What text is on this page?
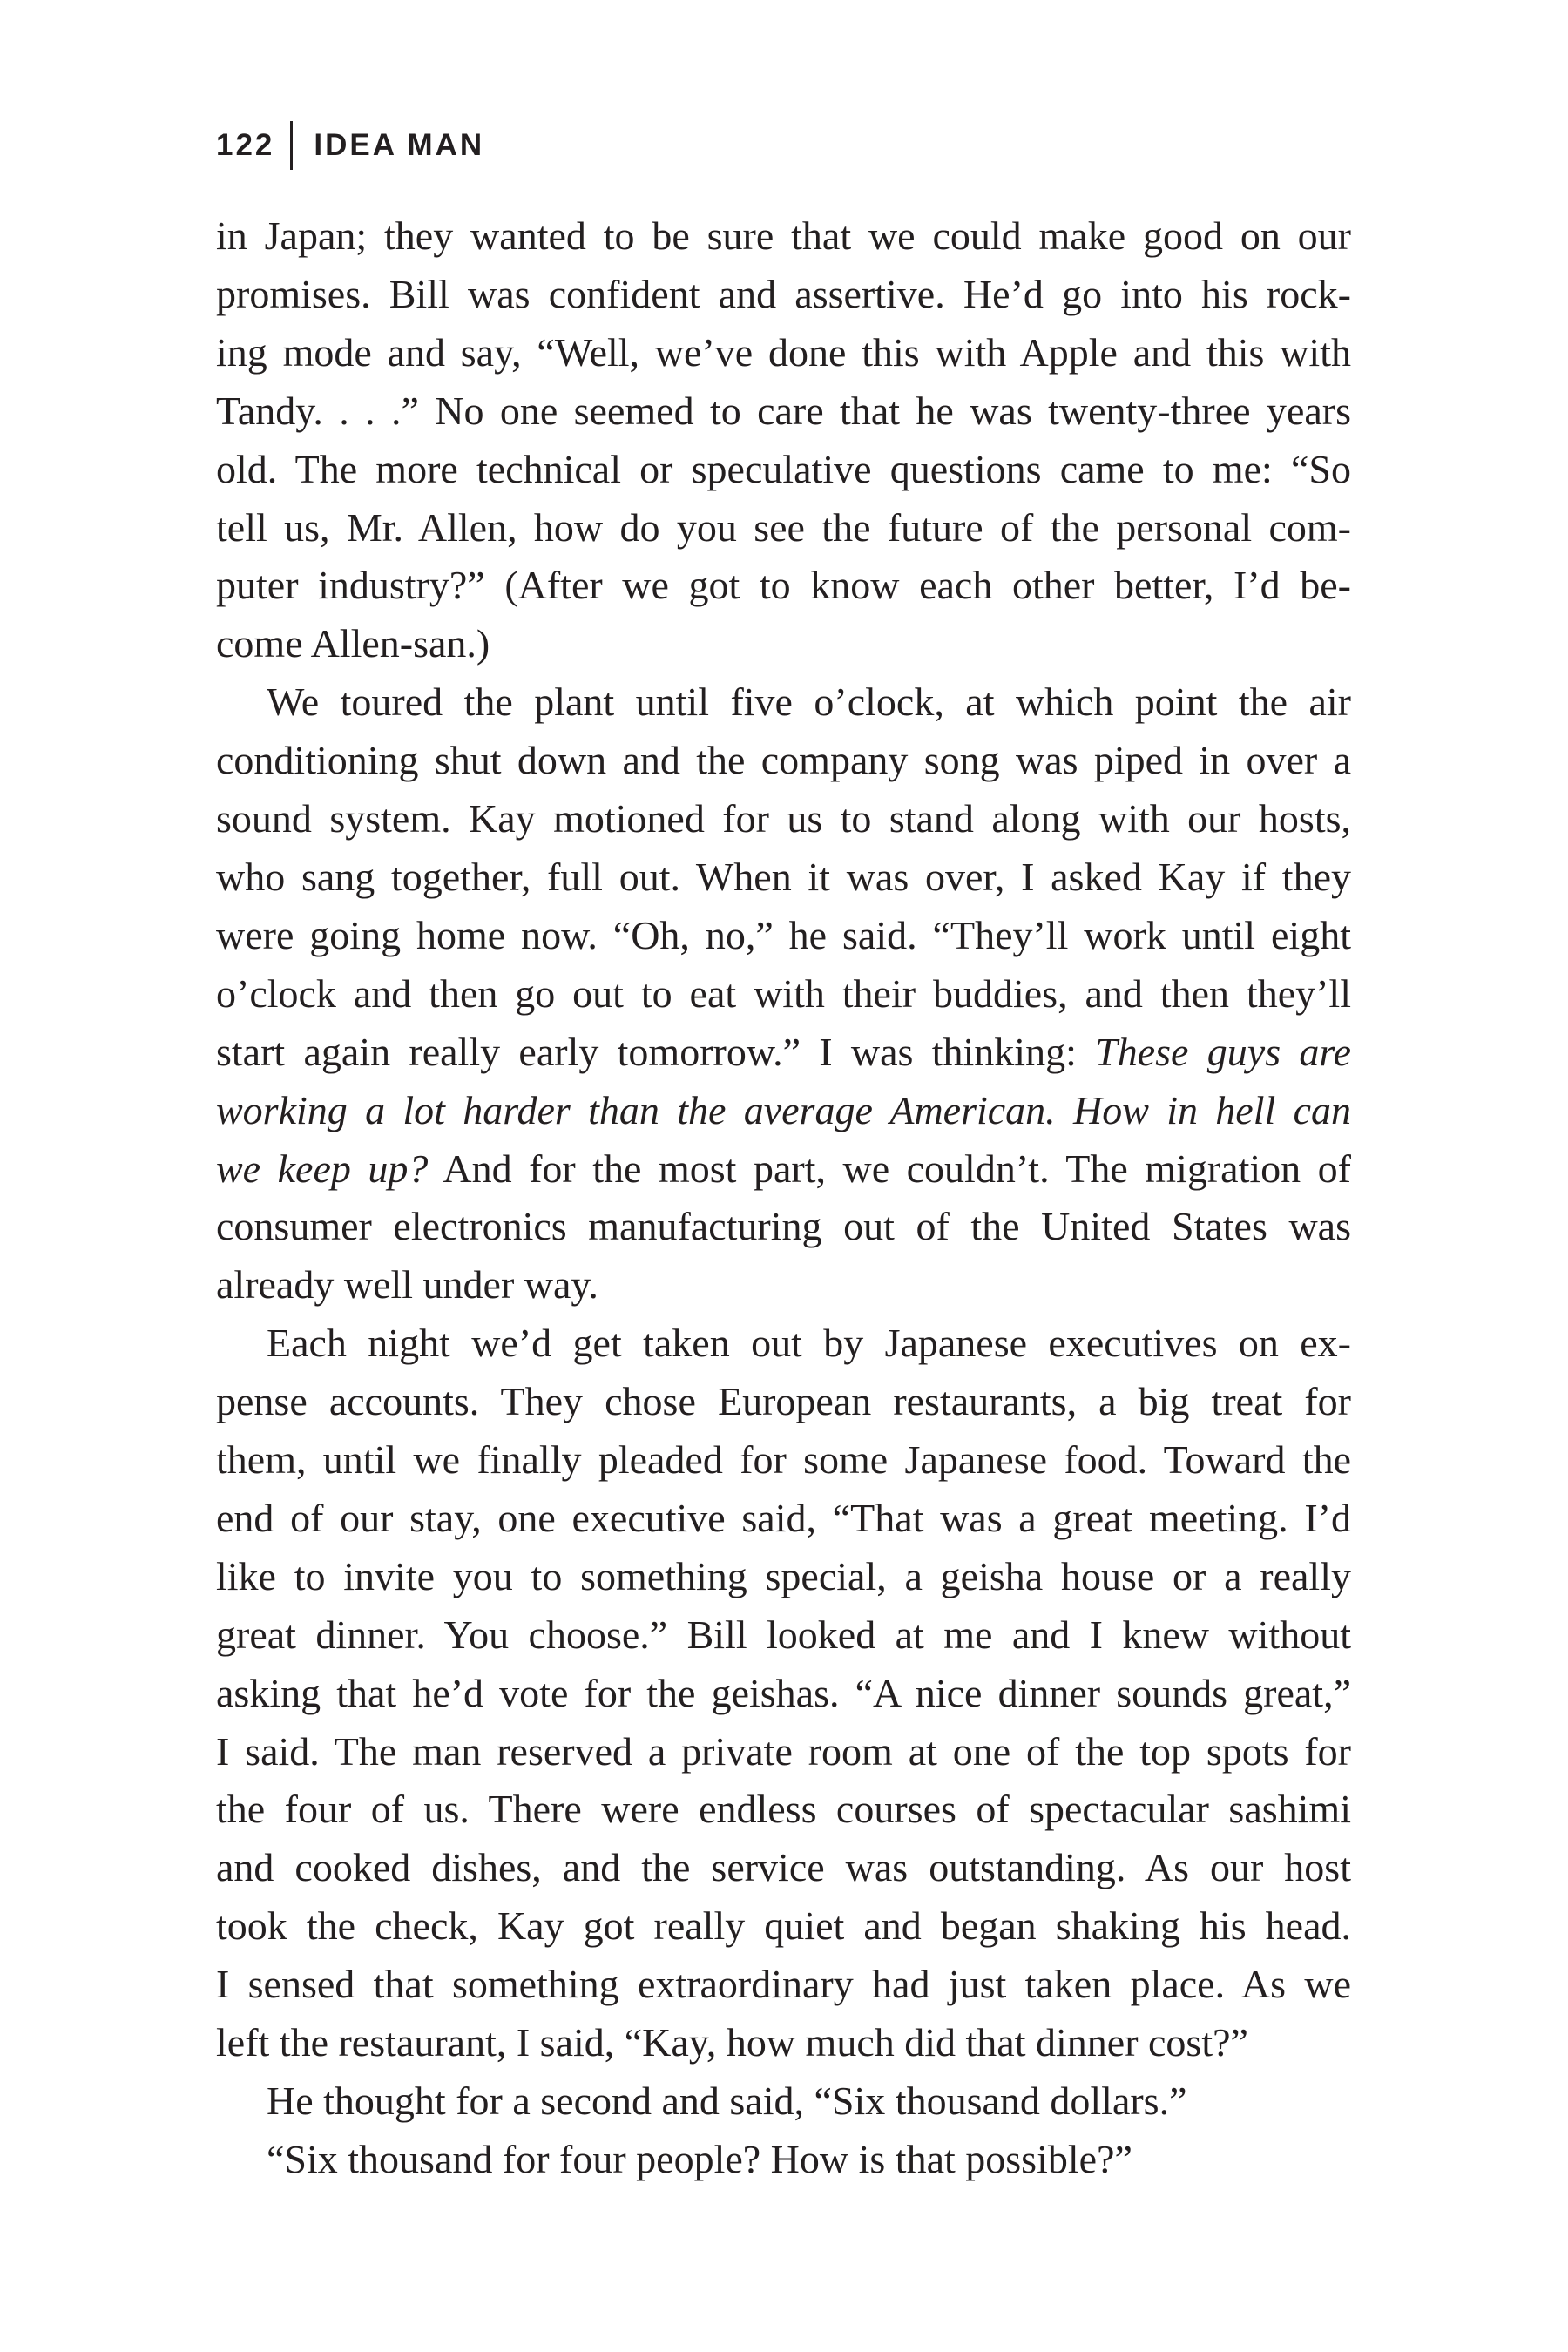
122 IDEA MAN

in Japan; they wanted to be sure that we could make good on our
promises. Bill was confident and assertive. He’d go into his rock-
ing mode and say, “Well, we’ve done this with Apple and this with
Tandy. . . .” No one seemed to care that he was twenty-three years
old. The more technical or speculative questions came to me: “So
tell us, Mr. Allen, how do you see the future of the personal com-
puter industry?” (After we got to know each other better, I’d be-
come Allen-san.)

We toured the plant until five o’clock, at which point the air
conditioning shut down and the company song was piped in over a
sound system. Kay motioned for us to stand along with our hosts,
who sang together, full out. When it was over, I asked Kay if they
were going home now. “Oh, no,” he said. “They’ll work until eight
o’clock and then go out to eat with their buddies, and then they’ll
start again really early tomorrow.” I was thinking: These guys are
working a lot harder than the average American. How in hell can
we keep up? And for the most part, we couldn’t. The migration of
consumer electronics manufacturing out of the United States was
already well under way.

Each night we’d get taken out by Japanese executives on ex-
pense accounts. They chose European restaurants, a big treat for
them, until we finally pleaded for some Japanese food. Toward the
end of our stay, one executive said, “That was a great meeting. I’d
like to invite you to something special, a geisha house or a really
great dinner. You choose.” Bill looked at me and I knew without
asking that he’d vote for the geishas. “A nice dinner sounds great,”
I said. The man reserved a private room at one of the top spots for
the four of us. There were endless courses of spectacular sashimi
and cooked dishes, and the service was outstanding. As our host
took the check, Kay got really quiet and began shaking his head.
I sensed that something extraordinary had just taken place. As we
left the restaurant, I said, “Kay, how much did that dinner cost?”

He thought for a second and said, “Six thousand dollars.”

“Six thousand for four people? How is that possible?”
